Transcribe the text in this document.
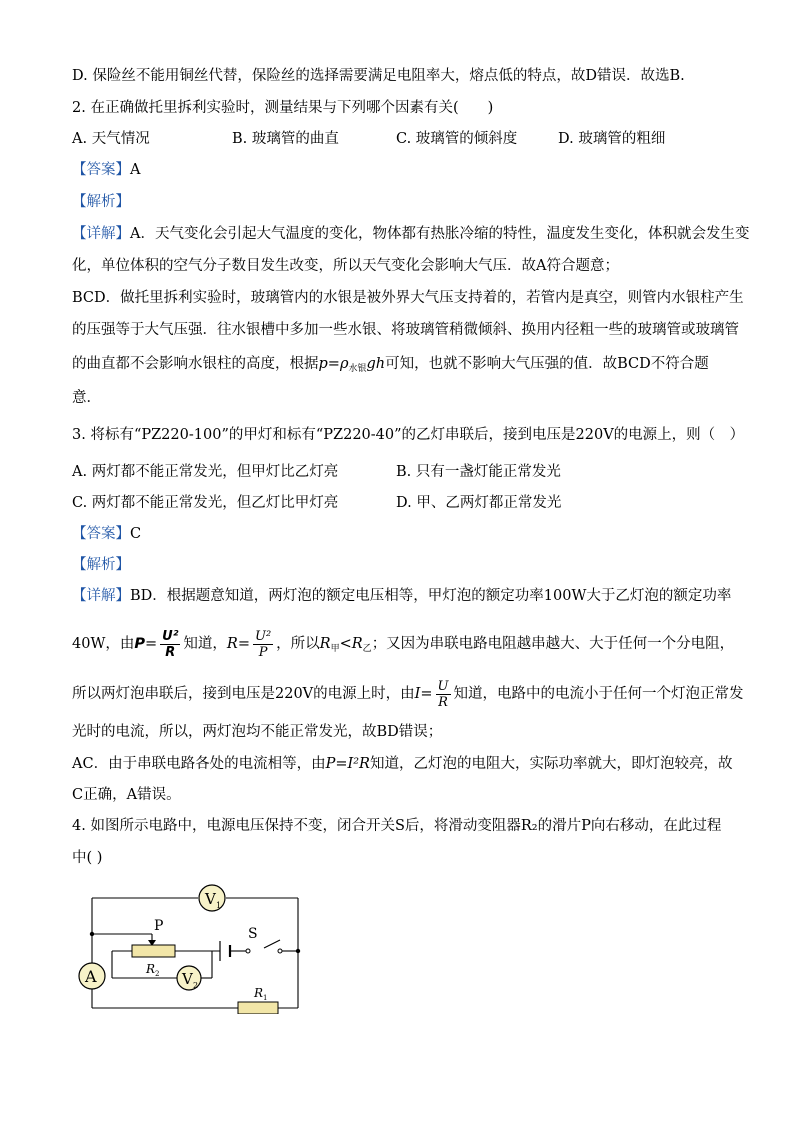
D. 保险丝不能用铜丝代替，保险丝的选择需要满足电阻率大，熔点低的特点，故D错误．故选B.
2. 在正确做托里拆利实验时，测量结果与下列哪个因素有关(　　)
A. 天气情况	B. 玻璃管的曲直	C. 玻璃管的倾斜度	D. 玻璃管的粗细
【答案】A
【解析】
【详解】A．天气变化会引起大气温度的变化，物体都有热胀冷缩的特性，温度发生变化，体积就会发生变
化，单位体积的空气分子数目发生改变，所以天气变化会影响大气压．故A符合题意；
BCD．做托里拆利实验时，玻璃管内的水银是被外界大气压支持着的，若管内是真空，则管内水银柱产生
的压强等于大气压强．往水银槽中多加一些水银、将玻璃管稍微倾斜、换用内径粗一些的玻璃管或玻璃管
的曲直都不会影响水银柱的高度，根据$p=\rho_{水银}gh$可知，也就不影响大气压强的值．故BCD不符合题
意．
3. 将标有“PZ220-100”的甲灯和标有“PZ220-40”的乙灯串联后，接到电压是220V的电源上，则（　）
A. 两灯都不能正常发光，但甲灯比乙灯亮	B. 只有一盏灯能正常发光
C. 两灯都不能正常发光，但乙灯比甲灯亮	D. 甲、乙两灯都正常发光
【答案】C
【解析】
【详解】BD．根据题意知道，两灯泡的额定电压相等，甲灯泡的额定功率100W大于乙灯泡的额定功率
40W，由$P= \frac{\text{U²}}{R}$ 知道，$R= \frac{\text{U²}}{P}$ ，所以$R_甲<R_乙$；又因为串联电路电阻越串越大、大于任何一个分电阻，
所以两灯泡串联后，接到电压是220V的电源上时，由$I= \frac{U}{R}$ 知道，电路中的电流小于任何一个灯泡正常发
光时的电流，所以，两灯泡均不能正常发光，故BD错误；
AC．由于串联电路各处的电流相等，由P=I²R知道，乙灯泡的电阻大，实际功率就大，即灯泡较亮，故
C正确，A错误。
4. 如图所示电路中，电源电压保持不变，闭合开关S后，将滑动变阻器R₂的滑片P向右移动，在此过程
中( )
V 1
V 2
A
P	S
R 2
R 1
